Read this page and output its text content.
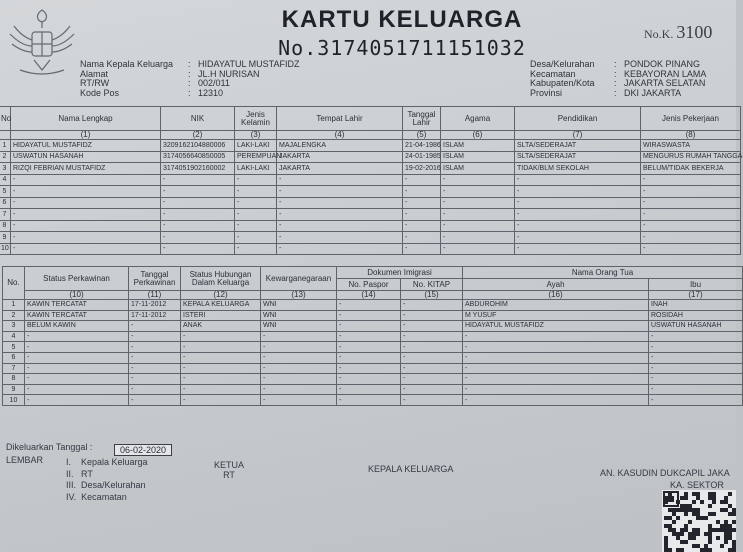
KARTU KELUARGA
No.3174051711151032
No.K. 3100
Nama Kepala Keluarga	: HIDAYATUL MUSTAFIDZ
Alamat	: JL.H NURISAN
RT/RW	: 002/011
Kode Pos	: 12310
Desa/Kelurahan	: PONDOK PINANG
Kecamatan	: KEBAYORAN LAMA
Kabupaten/Kota	: JAKARTA SELATAN
Provinsi	: DKI JAKARTA
No	Nama Lengkap	NIK	Jenis Kelamin	Tempat Lahir	Tanggal Lahir	Agama	Pendidikan	Jenis Pekerjaan
	(1)	(2)	(3)	(4)	(5)	(6)	(7)	(8)
1	HIDAYATUL MUSTAFIDZ	3209162104880006	LAKI-LAKI	MAJALENGKA	21-04-1986	ISLAM	SLTA/SEDERAJAT	WIRASWASTA
2	USWATUN HASANAH	3174056640850005	PEREMPUAN	JAKARTA	24-01-1985	ISLAM	SLTA/SEDERAJAT	MENGURUS RUMAH TANGGA
3	RIZQI FEBRIAN MUSTAFIDZ	3174051902160002	LAKI-LAKI	JAKARTA	19-02-2016	ISLAM	TIDAK/BLM SEKOLAH	BELUM/TIDAK BEKERJA
4	-	-	-	-	-	-	-	-
5	-	-	-	-	-	-	-	-
6	-	-	-	-	-	-	-	-
7	-	-	-	-	-	-	-	-
8	-	-	-	-	-	-	-	-
9	-	-	-	-	-	-	-	-
10	-	-	-	-	-	-	-	-
No.	Status Perkawinan	Tanggal Perkawinan	Status Hubungan Dalam Keluarga	Kewarganegaraan	Dokumen Imigrasi		Nama Orang Tua	
					No. Paspor	No. KITAP	Ayah	Ibu
	(10)	(11)	(12)	(13)	(14)	(15)	(16)	(17)
1	KAWIN TERCATAT	17-11-2012	KEPALA KELUARGA	WNI	-	-	ABDUROHIM	INAH
2	KAWIN TERCATAT	17-11-2012	ISTERI	WNI	-	-	M YUSUF	ROSIDAH
3	BELUM KAWIN	-	ANAK	WNI	-	-	HIDAYATUL MUSTAFIDZ	USWATUN HASANAH
4	-	-	-	-	-	-	-	-
5	-	-	-	-	-	-	-	-
6	-	-	-	-	-	-	-	-
7	-	-	-	-	-	-	-	-
8	-	-	-	-	-	-	-	-
9	-	-	-	-	-	-	-	-
10	-	-	-	-	-	-	-	-
Dikeluarkan Tanggal :	06-02-2020
LEMBAR	I.    Kepala Keluarga
II.   RT
III.  Desa/Kelurahan
IV.  Kecamatan
KETUA
RT
KEPALA KELUARGA	AN. KASUDIN DUKCAPIL JAKA
KA. SEKTOR
